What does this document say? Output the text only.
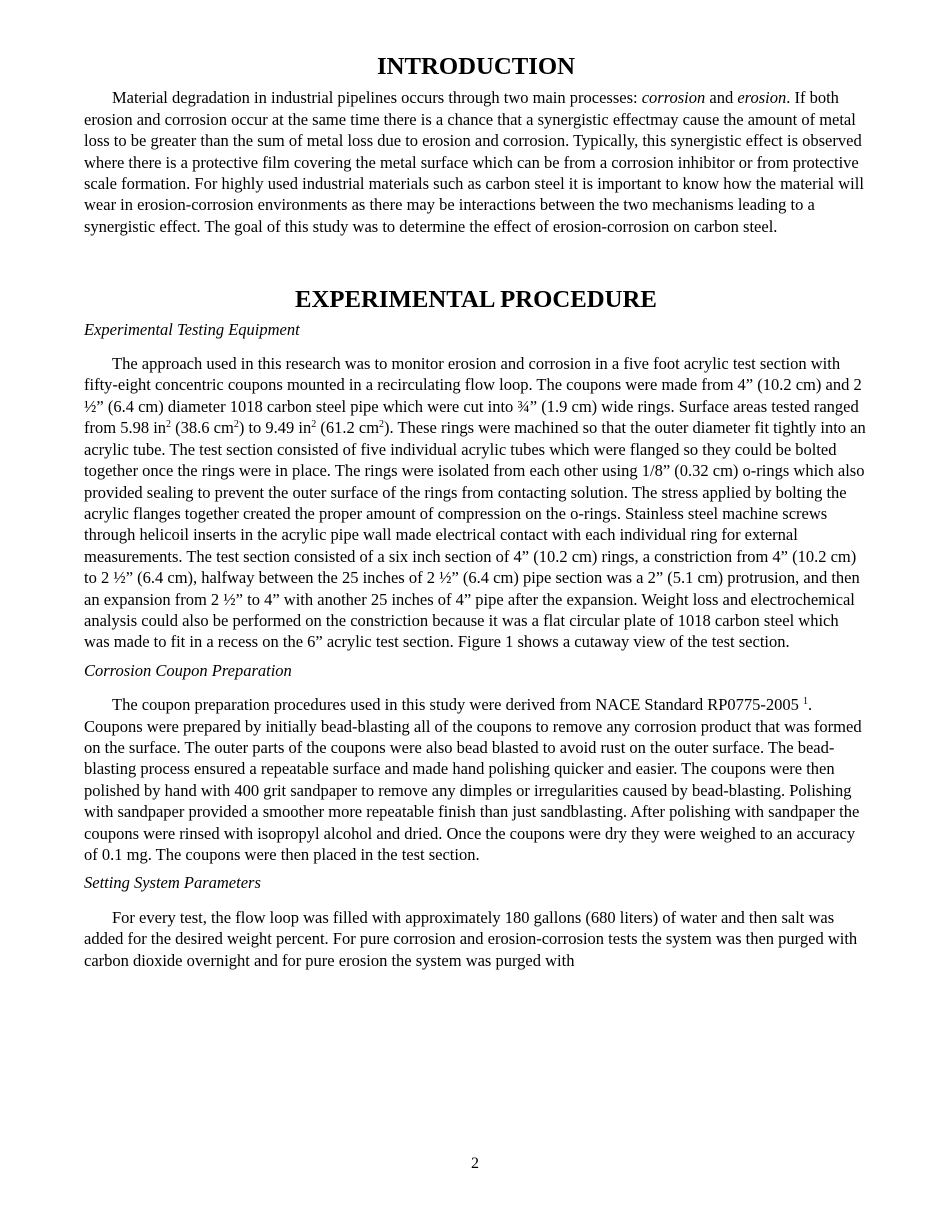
INTRODUCTION

Material degradation in industrial pipelines occurs through two main processes: corrosion and erosion. If both erosion and corrosion occur at the same time there is a chance that a synergistic effectmay cause the amount of metal loss to be greater than the sum of metal loss due to erosion and corrosion. Typically, this synergistic effect is observed where there is a protective film covering the metal surface which can be from a corrosion inhibitor or from protective scale formation. For highly used industrial materials such as carbon steel it is important to know how the material will wear in erosion-corrosion environments as there may be interactions between the two mechanisms leading to a synergistic effect. The goal of this study was to determine the effect of erosion-corrosion on carbon steel.

EXPERIMENTAL PROCEDURE

Experimental Testing Equipment

The approach used in this research was to monitor erosion and corrosion in a five foot acrylic test section with fifty-eight concentric coupons mounted in a recirculating flow loop. The coupons were made from 4” (10.2 cm) and 2 ½” (6.4 cm) diameter 1018 carbon steel pipe which were cut into ¾” (1.9 cm) wide rings. Surface areas tested ranged from 5.98 $in^2$ (38.6 $cm^2$) to 9.49 $in^2$ (61.2 $cm^2$). These rings were machined so that the outer diameter fit tightly into an acrylic tube. The test section consisted of five individual acrylic tubes which were flanged so they could be bolted together once the rings were in place. The rings were isolated from each other using 1/8” (0.32 cm) o-rings which also provided sealing to prevent the outer surface of the rings from contacting solution. The stress applied by bolting the acrylic flanges together created the proper amount of compression on the o-rings. Stainless steel machine screws through helicoil inserts in the acrylic pipe wall made electrical contact with each individual ring for external measurements. The test section consisted of a six inch section of 4” (10.2 cm) rings, a constriction from 4” (10.2 cm) to 2 ½” (6.4 cm), halfway between the 25 inches of 2 ½” (6.4 cm) pipe section was a 2” (5.1 cm) protrusion, and then an expansion from 2 ½” to 4” with another 25 inches of 4” pipe after the expansion. Weight loss and electrochemical analysis could also be performed on the constriction because it was a flat circular plate of 1018 carbon steel which was made to fit in a recess on the 6” acrylic test section. Figure 1 shows a cutaway view of the test section.

Corrosion Coupon Preparation

The coupon preparation procedures used in this study were derived from NACE Standard RP0775-2005 $^1$. Coupons were prepared by initially bead-blasting all of the coupons to remove any corrosion product that was formed on the surface. The outer parts of the coupons were also bead blasted to avoid rust on the outer surface. The bead-blasting process ensured a repeatable surface and made hand polishing quicker and easier. The coupons were then polished by hand with 400 grit sandpaper to remove any dimples or irregularities caused by bead-blasting. Polishing with sandpaper provided a smoother more repeatable finish than just sandblasting. After polishing with sandpaper the coupons were rinsed with isopropyl alcohol and dried. Once the coupons were dry they were weighed to an accuracy of 0.1 mg. The coupons were then placed in the test section.

Setting System Parameters

For every test, the flow loop was filled with approximately 180 gallons (680 liters) of water and then salt was added for the desired weight percent. For pure corrosion and erosion-corrosion tests the system was then purged with carbon dioxide overnight and for pure erosion the system was purged with

2
